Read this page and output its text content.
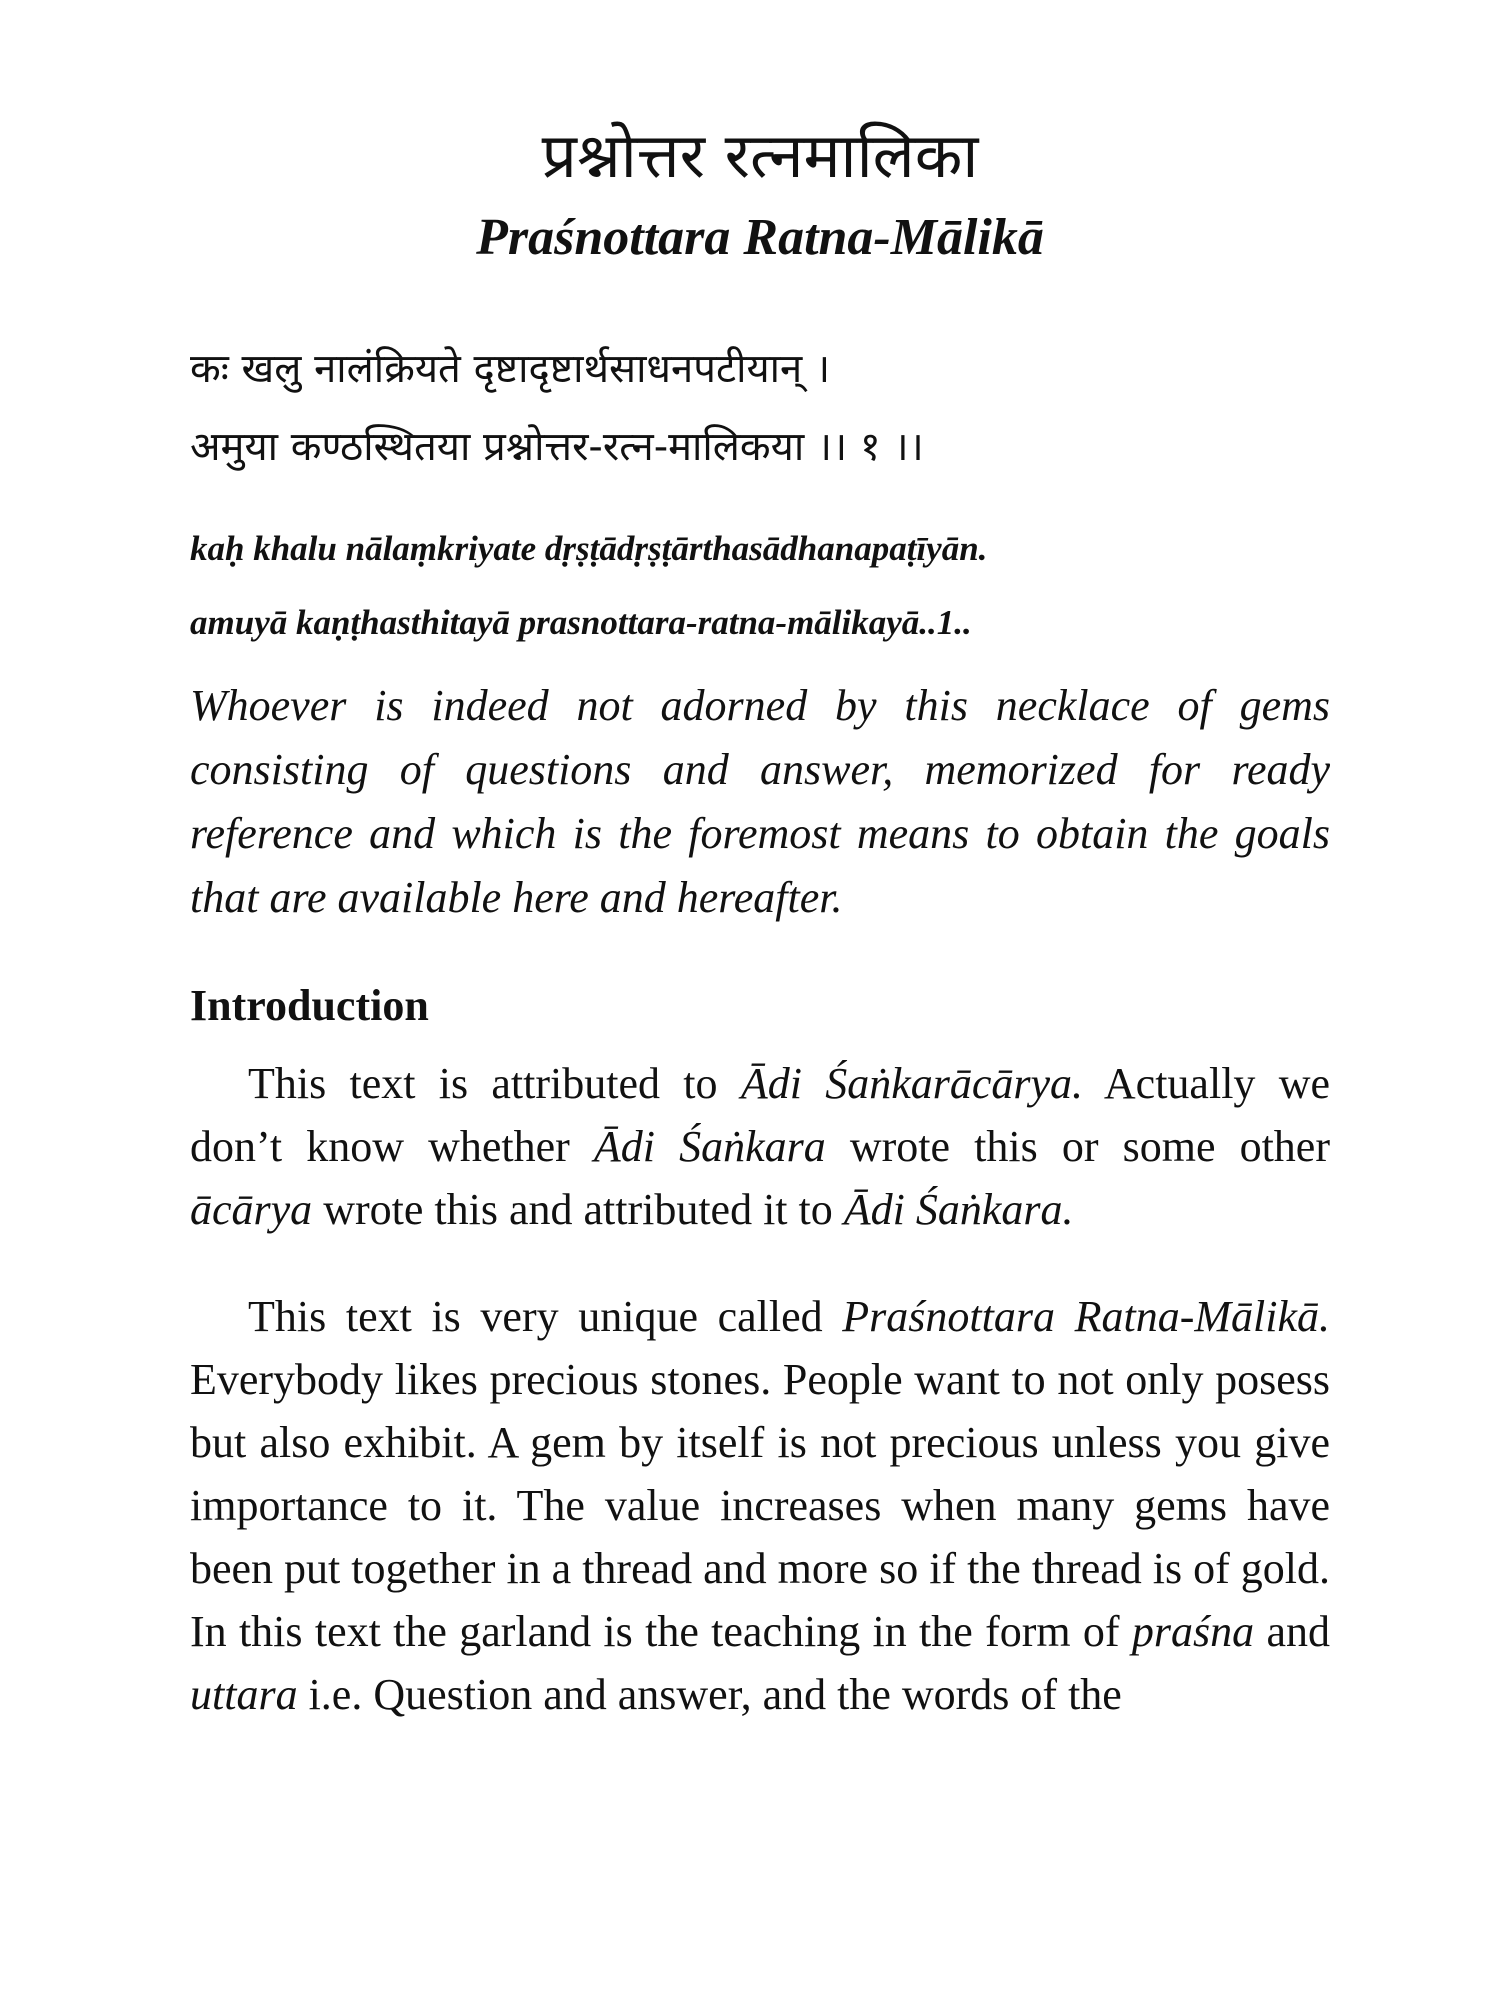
प्रश्नोत्तर रत्नमालिका
Praśnottara Ratna-Mālikā

कः खलु नालंक्रियते दृष्टादृष्टार्थसाधनपटीयान् ।

अमुया कण्ठस्थितया प्रश्नोत्तर-रत्न-मालिकया ।। १ ।।

kaḥ khalu nālaṃkriyate dṛṣṭādṛṣṭārthasādhanapaṭīyān.
amuyā kaṇṭhasthitayā prasnottara-ratna-mālikayā..1..

Whoever is indeed not adorned by this necklace of gems consisting of questions and answer, memorized for ready reference and which is the foremost means to obtain the goals that are available here and hereafter.

Introduction

This text is attributed to Ādi Śaṅkarācārya. Actually we don’t know whether Ādi Śaṅkara wrote this or some other ācārya wrote this and attributed it to Ādi Śaṅkara.

This text is very unique called Praśnottara Ratna-Mālikā. Everybody likes precious stones. People want to not only posess but also exhibit. A gem by itself is not precious unless you give importance to it. The value increases when many gems have been put together in a thread and more so if the thread is of gold. In this text the garland is the teaching in the form of praśna and uttara i.e. Question and answer, and the words of the
